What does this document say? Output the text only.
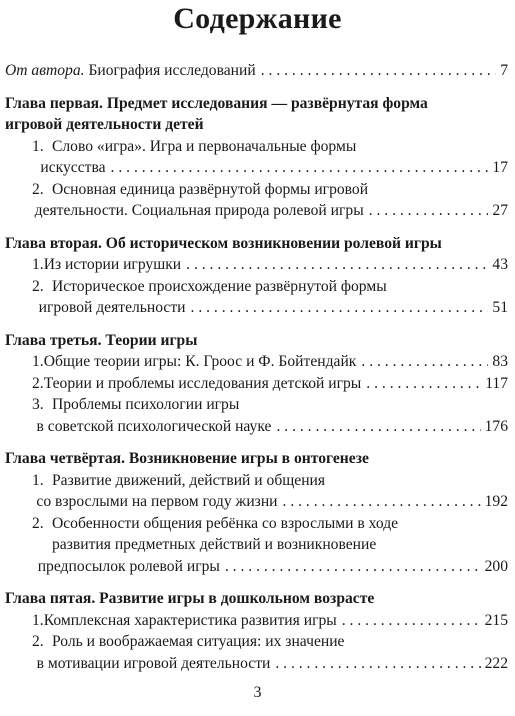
Содержание
От автора. Биография исследований . . .	7
Глава первая. Предмет исследования — развёрнутая форма
игровой деятельности детей
1. Слово «игра». Игра и первоначальные формы
искусства . . .	17
2. Основная единица развёрнутой формы игровой
деятельности. Социальная природа ролевой игры . . .	27
Глава вторая. Об историческом возникновении ролевой игры
1. Из истории игрушки . . .	43
2. Историческое происхождение развёрнутой формы
игровой деятельности . . .	51
Глава третья. Теории игры
1. Общие теории игры: К. Гроос и Ф. Бойтендайк . . .	83
2. Теории и проблемы исследования детской игры . . .	117
3. Проблемы психологии игры
в советской психологической науке . . .	176
Глава четвёртая. Возникновение игры в онтогенезе
1. Развитие движений, действий и общения
со взрослыми на первом году жизни . . .	192
2. Особенности общения ребёнка со взрослыми в ходе
развития предметных действий и возникновение
предпосылок ролевой игры . . .	200
Глава пятая. Развитие игры в дошкольном возрасте
1. Комплексная характеристика развития игры . . .	215
2. Роль и воображаемая ситуация: их значение
в мотивации игровой деятельности . . .	222
3
